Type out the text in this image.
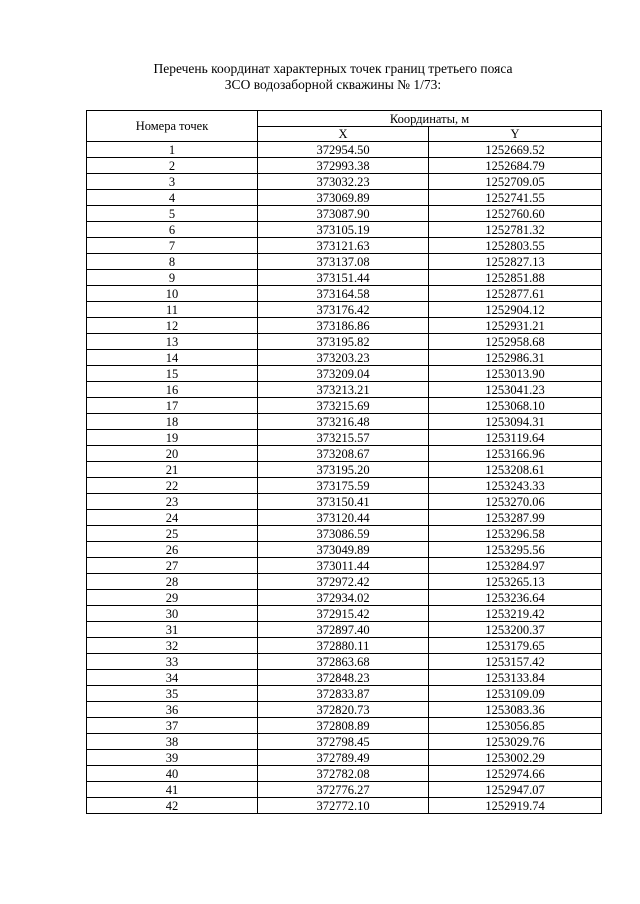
Перечень координат характерных точек границ третьего пояса
ЗСО водозаборной скважины № 1/73:
Номера точек	Координаты, м	
	X	Y
1	372954.50	1252669.52
2	372993.38	1252684.79
3	373032.23	1252709.05
4	373069.89	1252741.55
5	373087.90	1252760.60
6	373105.19	1252781.32
7	373121.63	1252803.55
8	373137.08	1252827.13
9	373151.44	1252851.88
10	373164.58	1252877.61
11	373176.42	1252904.12
12	373186.86	1252931.21
13	373195.82	1252958.68
14	373203.23	1252986.31
15	373209.04	1253013.90
16	373213.21	1253041.23
17	373215.69	1253068.10
18	373216.48	1253094.31
19	373215.57	1253119.64
20	373208.67	1253166.96
21	373195.20	1253208.61
22	373175.59	1253243.33
23	373150.41	1253270.06
24	373120.44	1253287.99
25	373086.59	1253296.58
26	373049.89	1253295.56
27	373011.44	1253284.97
28	372972.42	1253265.13
29	372934.02	1253236.64
30	372915.42	1253219.42
31	372897.40	1253200.37
32	372880.11	1253179.65
33	372863.68	1253157.42
34	372848.23	1253133.84
35	372833.87	1253109.09
36	372820.73	1253083.36
37	372808.89	1253056.85
38	372798.45	1253029.76
39	372789.49	1253002.29
40	372782.08	1252974.66
41	372776.27	1252947.07
42	372772.10	1252919.74
